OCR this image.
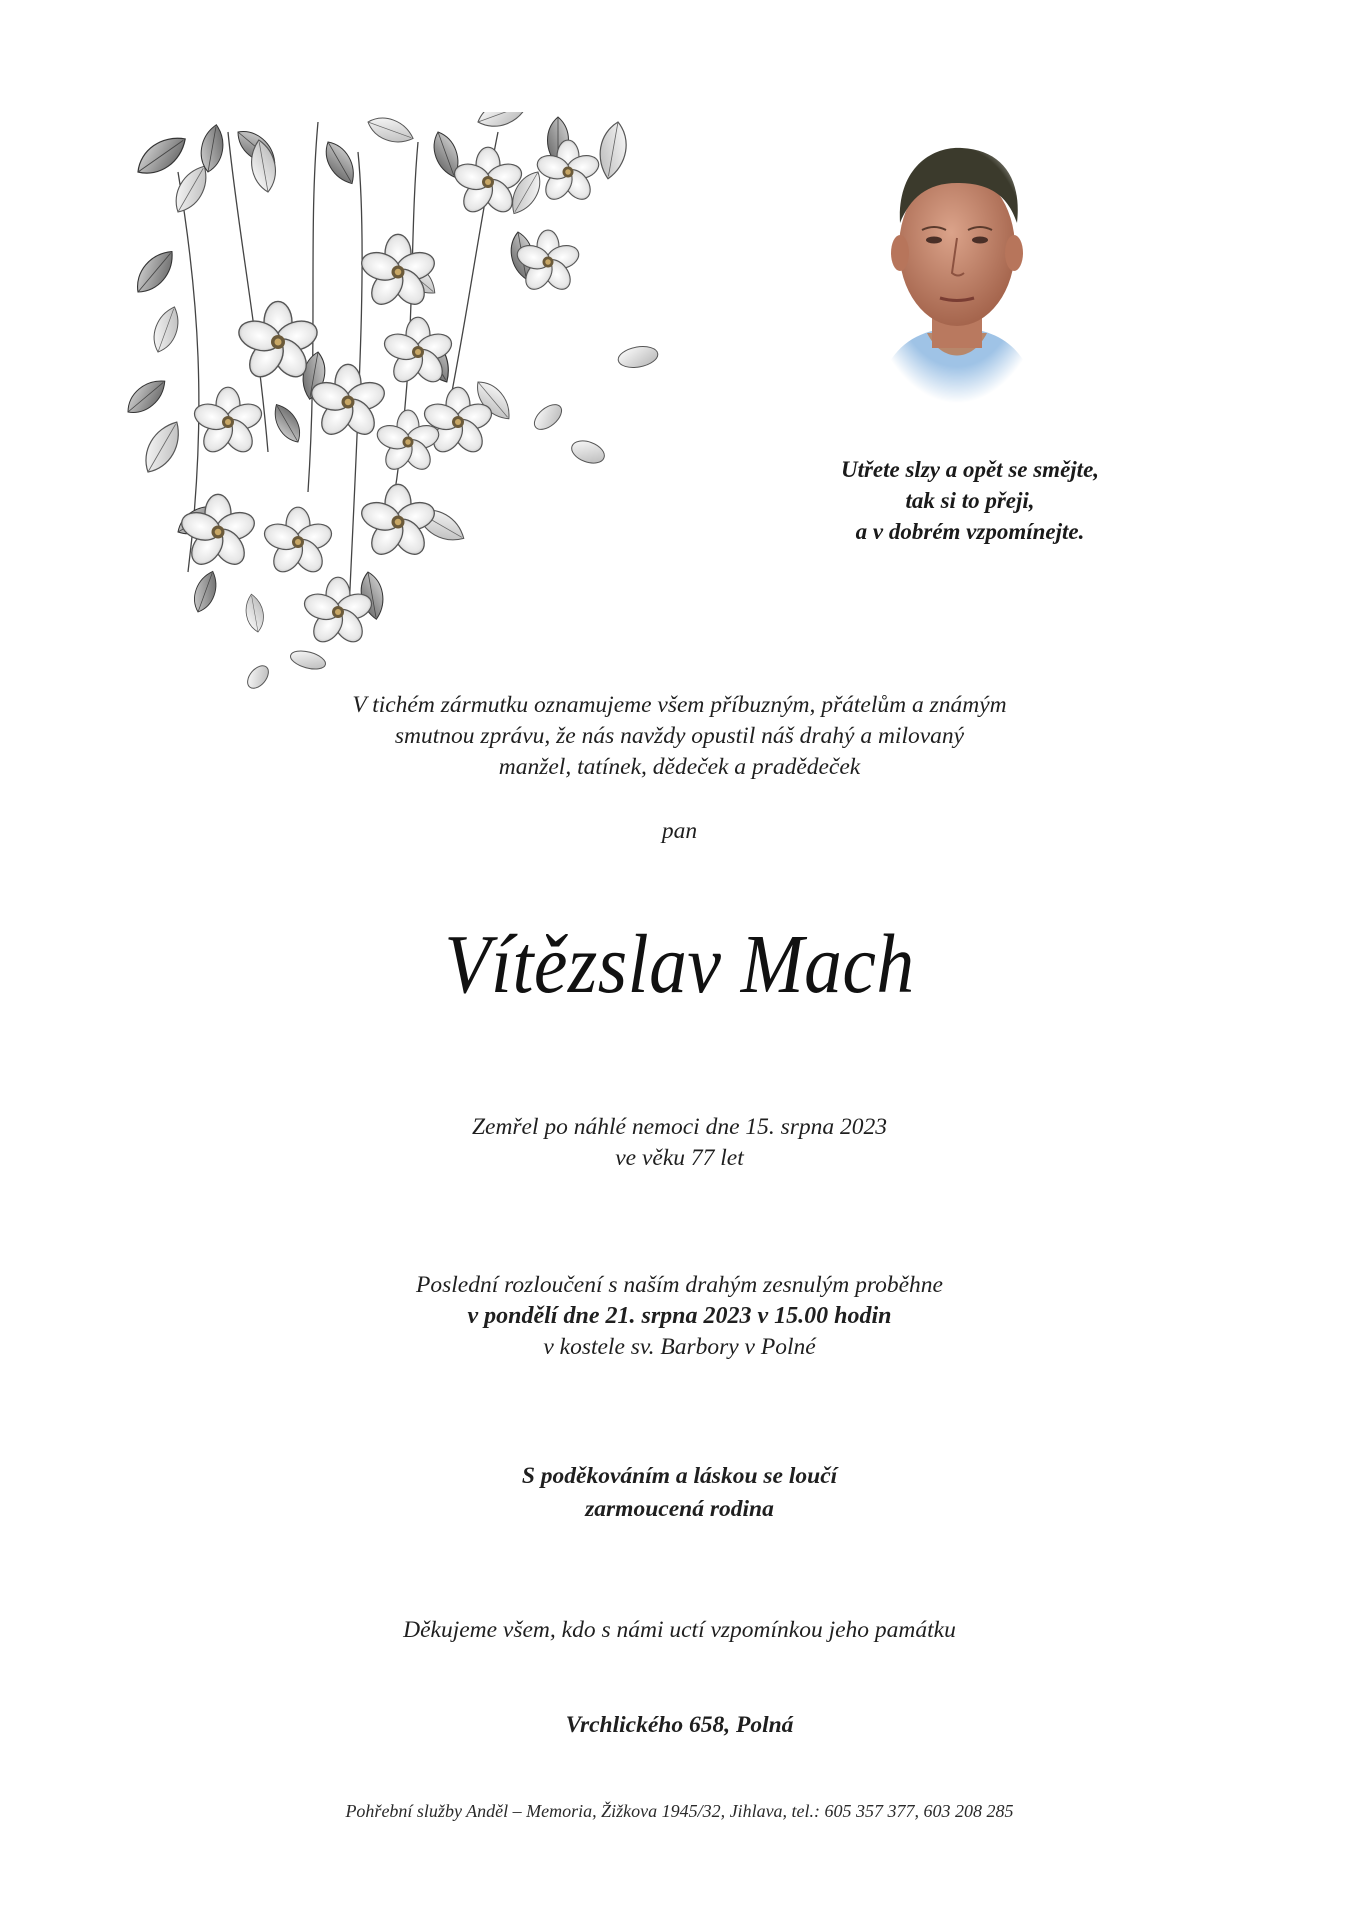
Utřete slzy a opět se smějte,
tak si to přeji,
a v dobrém vzpomínejte.
V tichém zármutku oznamujeme všem příbuzným, přátelům a známým
smutnou zprávu, že nás navždy opustil náš drahý a milovaný
manžel, tatínek, dědeček a pradědeček
pan
Vítězslav Mach
Zemřel po náhlé nemoci dne 15. srpna 2023
ve věku 77 let
Poslední rozloučení s naším drahým zesnulým proběhne
v pondělí dne 21. srpna 2023 v 15.00 hodin
v kostele sv. Barbory v Polné
S poděkováním a láskou se loučí
zarmoucená rodina
Děkujeme všem, kdo s námi uctí vzpomínkou jeho památku
Vrchlického 658, Polná
Pohřební služby Anděl – Memoria, Žižkova 1945/32, Jihlava, tel.: 605 357 377, 603 208 285
